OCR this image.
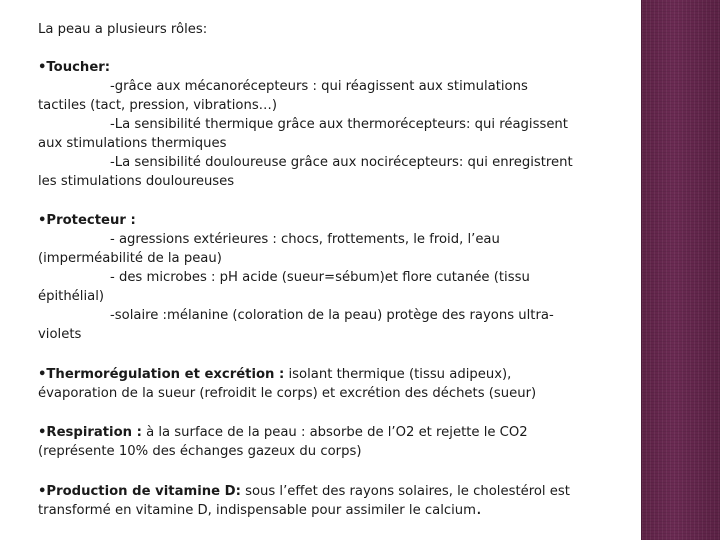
La peau a plusieurs rôles:
•Toucher:
-grâce aux mécanorécepteurs : qui réagissent aux stimulations
tactiles (tact, pression, vibrations…)
-La sensibilité thermique grâce aux thermorécepteurs: qui réagissent
aux stimulations thermiques
-La sensibilité douloureuse grâce aux nocirécepteurs: qui enregistrent
les stimulations douloureuses
•Protecteur :
- agressions extérieures : chocs, frottements, le froid, l’eau
(imperméabilité de la peau)
- des microbes : pH acide (sueur=sébum)et flore cutanée (tissu
épithélial)
-solaire :mélanine (coloration de la peau) protège des rayons ultra-
violets
•Thermorégulation et excrétion : isolant thermique (tissu adipeux),
évaporation de la sueur (refroidit le corps) et excrétion des déchets (sueur)
•Respiration : à la surface de la peau : absorbe de l’O2 et rejette le CO2
(représente 10% des échanges gazeux du corps)
•Production de vitamine D: sous l’effet des rayons solaires, le cholestérol est
transformé en vitamine D, indispensable pour assimiler le calcium.
